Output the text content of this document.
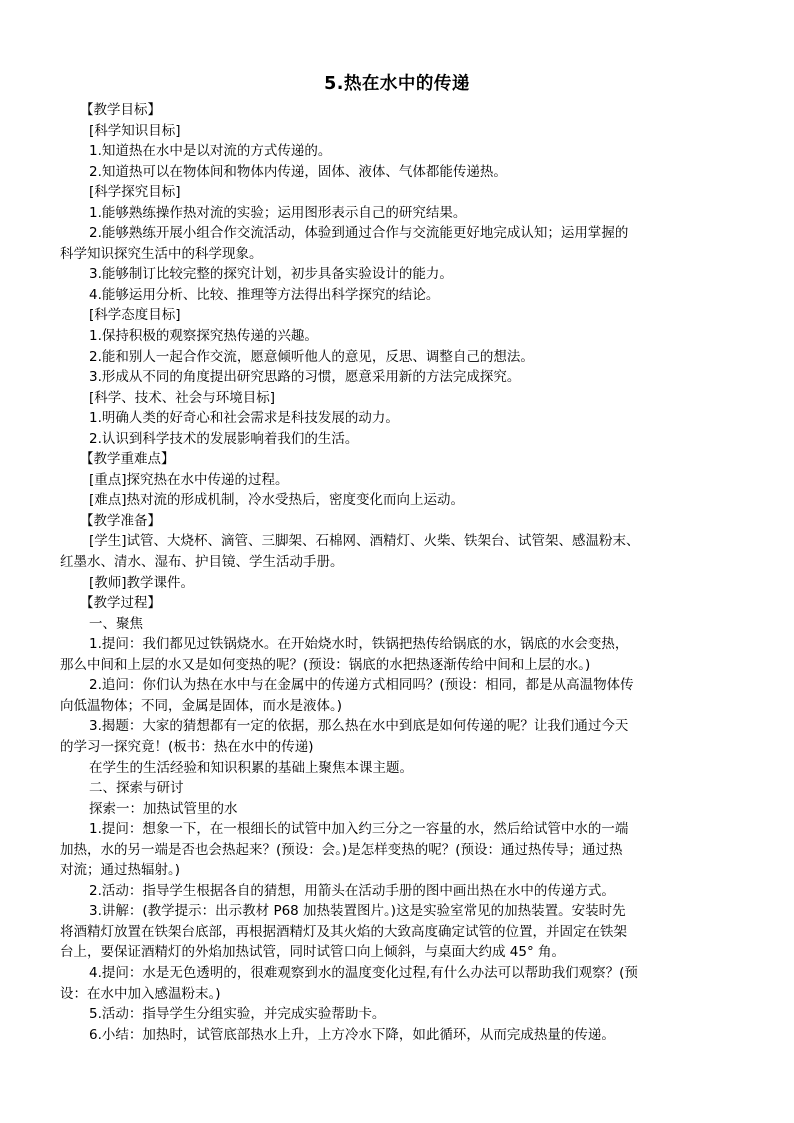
5.热在水中的传递
【教学目标】
[科学知识目标]
1.知道热在水中是以对流的方式传递的。
2.知道热可以在物体间和物体内传递，固体、液体、气体都能传递热。
[科学探究目标]
1.能够熟练操作热对流的实验；运用图形表示自己的研究结果。
2.能够熟练开展小组合作交流活动，体验到通过合作与交流能更好地完成认知；运用掌握的
科学知识探究生活中的科学现象。
3.能够制订比较完整的探究计划，初步具备实验设计的能力。
4.能够运用分析、比较、推理等方法得出科学探究的结论。
[科学态度目标]
1.保持积极的观察探究热传递的兴趣。
2.能和别人一起合作交流，愿意倾听他人的意见，反思、调整自己的想法。
3.形成从不同的角度提出研究思路的习惯，愿意采用新的方法完成探究。
[科学、技术、社会与环境目标]
1.明确人类的好奇心和社会需求是科技发展的动力。
2.认识到科学技术的发展影响着我们的生活。
【教学重难点】
[重点]探究热在水中传递的过程。
[难点]热对流的形成机制，冷水受热后，密度变化而向上运动。
【教学准备】
[学生]试管、大烧杯、滴管、三脚架、石棉网、酒精灯、火柴、铁架台、试管架、感温粉末、
红墨水、清水、湿布、护目镜、学生活动手册。
[教师]教学课件。
【教学过程】
一、聚焦
1.提问：我们都见过铁锅烧水。在开始烧水时，铁锅把热传给锅底的水，锅底的水会变热，
那么中间和上层的水又是如何变热的呢？(预设：锅底的水把热逐渐传给中间和上层的水。)
2.追问：你们认为热在水中与在金属中的传递方式相同吗？(预设：相同，都是从高温物体传
向低温物体；不同，金属是固体，而水是液体。)
3.揭题：大家的猜想都有一定的依据，那么热在水中到底是如何传递的呢？让我们通过今天
的学习一探究竟！(板书：热在水中的传递)
在学生的生活经验和知识积累的基础上聚焦本课主题。
二、探索与研讨
探索一：加热试管里的水
1.提问：想象一下，在一根细长的试管中加入约三分之一容量的水，然后给试管中水的一端
加热，水的另一端是否也会热起来？(预设：会。)是怎样变热的呢？(预设：通过热传导；通过热
对流；通过热辐射。)
2.活动：指导学生根据各自的猜想，用箭头在活动手册的图中画出热在水中的传递方式。
3.讲解：(教学提示：出示教材 P68 加热装置图片。)这是实验室常见的加热装置。安装时先
将酒精灯放置在铁架台底部，再根据酒精灯及其火焰的大致高度确定试管的位置，并固定在铁架
台上，要保证酒精灯的外焰加热试管，同时试管口向上倾斜，与桌面大约成 45° 角。
4.提问：水是无色透明的，很难观察到水的温度变化过程,有什么办法可以帮助我们观察？(预
设：在水中加入感温粉末。)
5.活动：指导学生分组实验，并完成实验帮助卡。
6.小结：加热时，试管底部热水上升，上方冷水下降，如此循环，从而完成热量的传递。
